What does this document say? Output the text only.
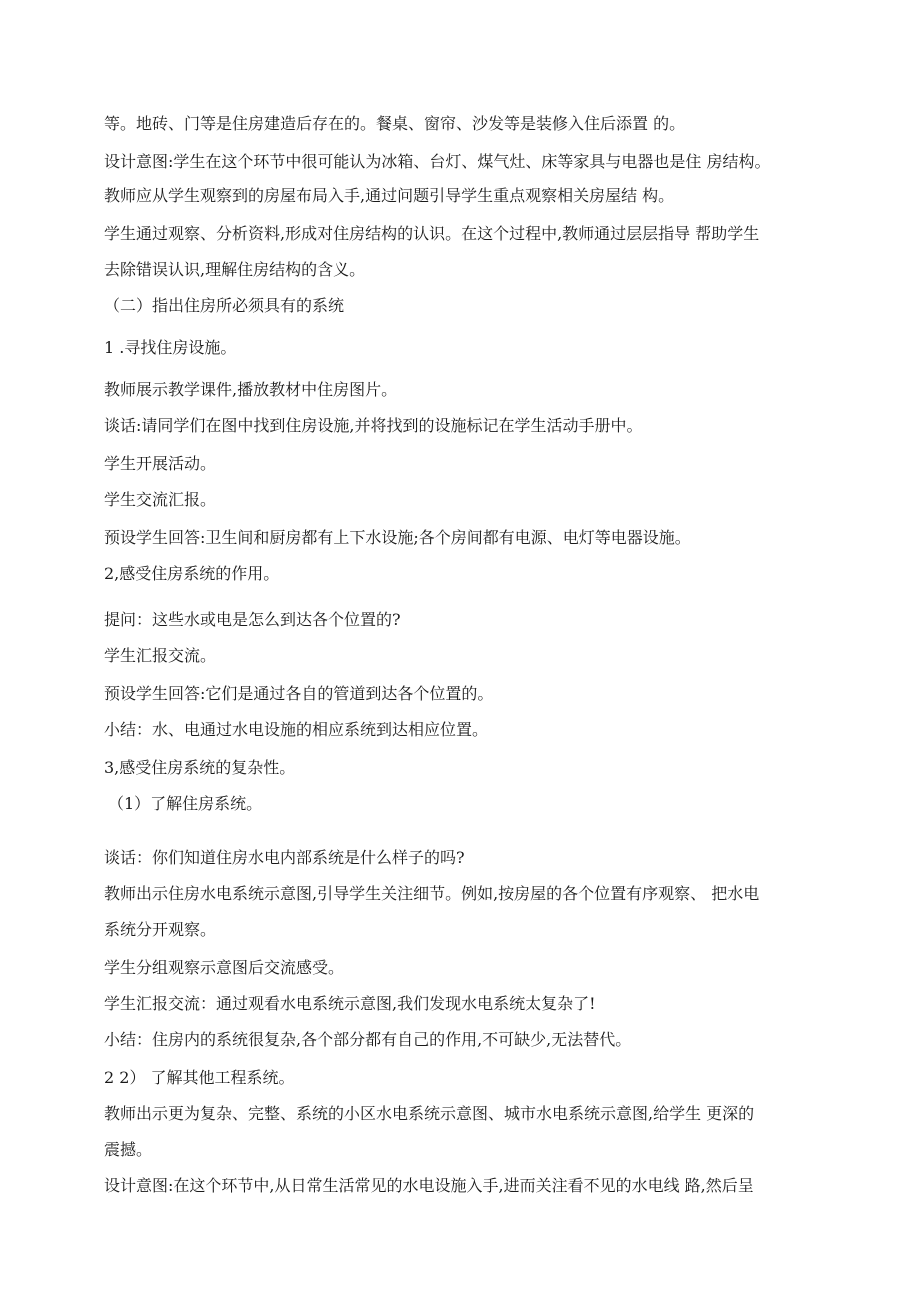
等。地砖、门等是住房建造后存在的。餐桌、窗帘、沙发等是装修入住后添置 的。
设计意图:学生在这个环节中很可能认为冰箱、台灯、煤气灶、床等家具与电器也是住 房结构。
教师应从学生观察到的房屋布局入手,通过问题引导学生重点观察相关房屋结 构。
学生通过观察、分析资料,形成对住房结构的认识。在这个过程中,教师通过层层指导 帮助学生
去除错误认识,理解住房结构的含义。
（二）指出住房所必须具有的系统
1 .寻找住房设施。
教师展示教学课件,播放教材中住房图片。
谈话:请同学们在图中找到住房设施,并将找到的设施标记在学生活动手册中。
学生开展活动。
学生交流汇报。
预设学生回答:卫生间和厨房都有上下水设施;各个房间都有电源、电灯等电器设施。
2,感受住房系统的作用。
提问：这些水或电是怎么到达各个位置的?
学生汇报交流。
预设学生回答:它们是通过各自的管道到达各个位置的。
小结：水、电通过水电设施的相应系统到达相应位置。
3,感受住房系统的复杂性。
（1）了解住房系统。
谈话：你们知道住房水电内部系统是什么样子的吗?
教师出示住房水电系统示意图,引导学生关注细节。例如,按房屋的各个位置有序观察、 把水电
系统分开观察。
学生分组观察示意图后交流感受。
学生汇报交流：通过观看水电系统示意图,我们发现水电系统太复杂了!
小结：住房内的系统很复杂,各个部分都有自己的作用,不可缺少,无法替代。
2 2） 了解其他工程系统。
教师出示更为复杂、完整、系统的小区水电系统示意图、城市水电系统示意图,给学生 更深的
震撼。
设计意图:在这个环节中,从日常生活常见的水电设施入手,进而关注看不见的水电线 路,然后呈
